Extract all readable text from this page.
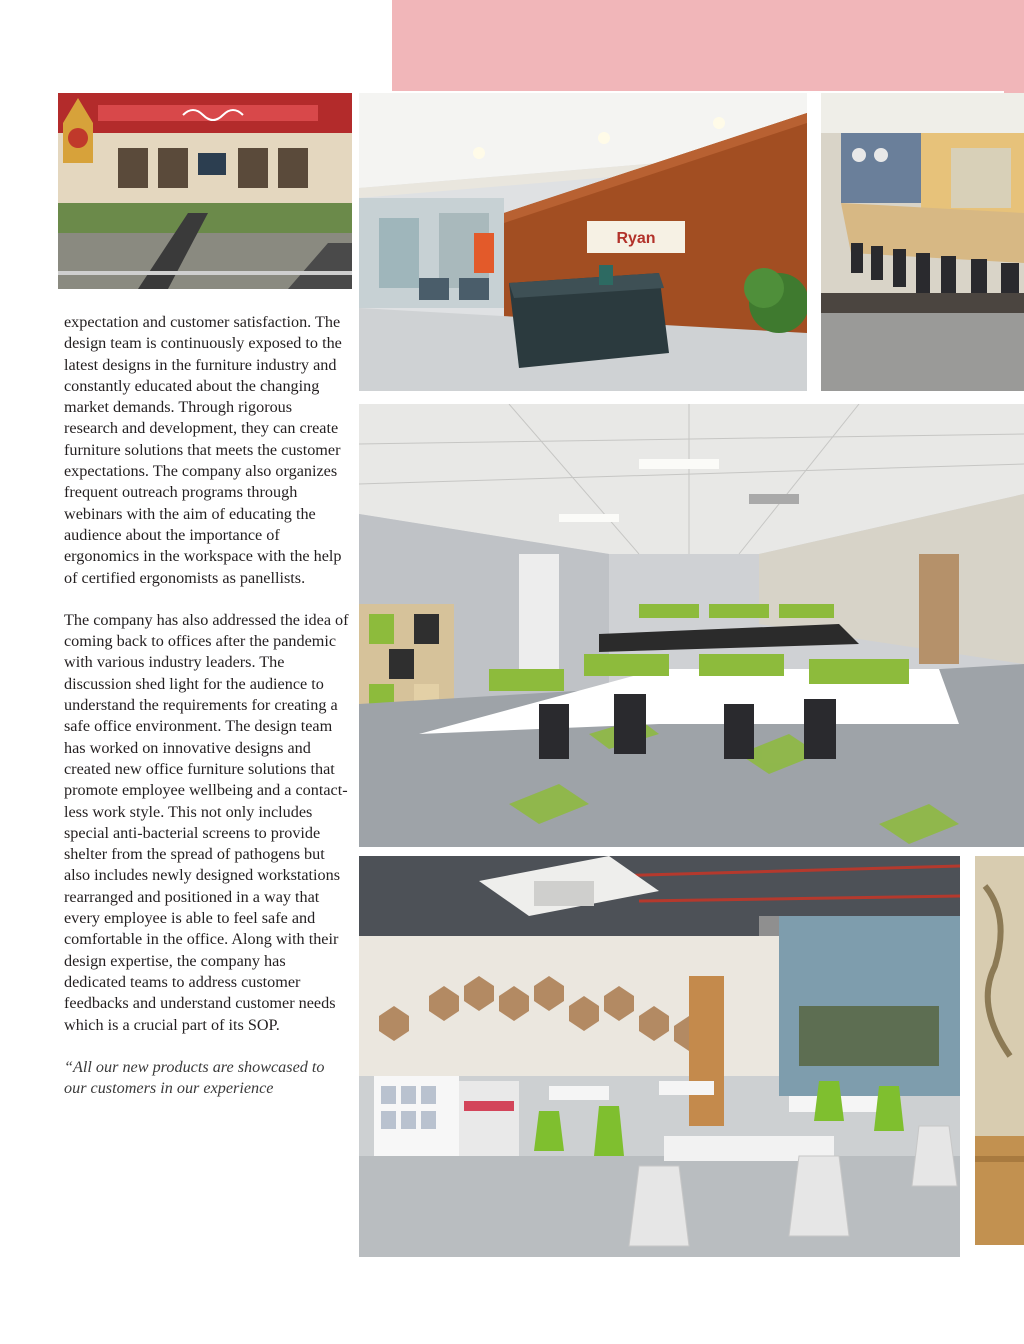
Ryan

expectation and customer satisfaction. The design team is continuously exposed to the latest designs in the furniture industry and constantly educated about the changing market demands. Through rigorous research and development, they can create furniture solutions that meets the customer expectations. The company also organizes frequent outreach programs through webinars with the aim of educating the audience about the importance of ergonomics in the workspace with the help of certified ergonomists as panellists.

The company has also addressed the idea of coming back to offices after the pandemic with various industry leaders. The discussion shed light for the audience to understand the requirements for creating a safe office environment. The design team has worked on innovative designs and created new office furniture solutions that promote employee wellbeing and a contact-less work style. This not only includes special anti-bacterial screens to provide shelter from the spread of pathogens but also includes newly designed workstations rearranged and positioned in a way that every employee is able to feel safe and comfortable in the office. Along with their design expertise, the company has dedicated teams to address customer feedbacks and understand customer needs which is a crucial part of its SOP.

“All our new products are showcased to our customers in our experience
